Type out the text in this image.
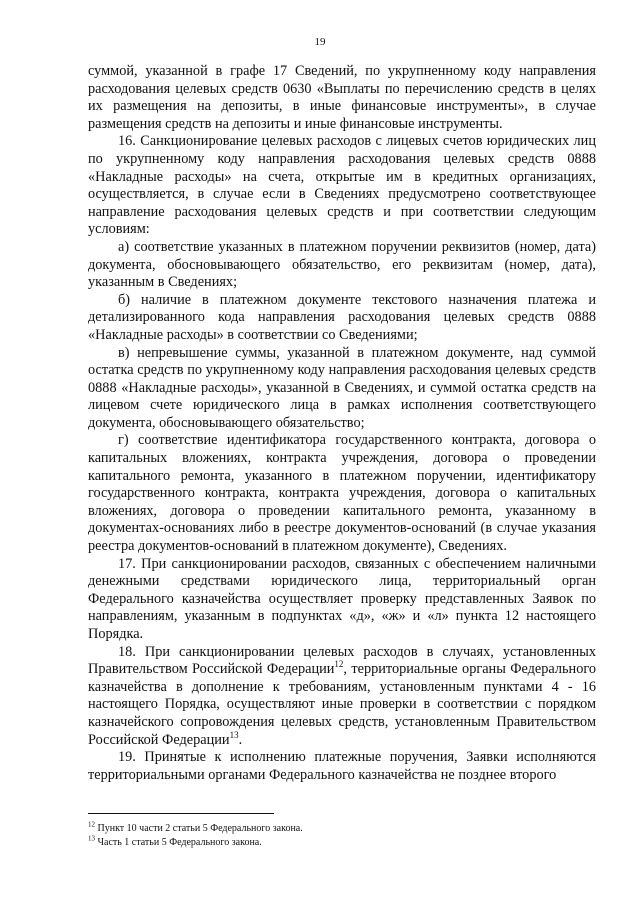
19

суммой, указанной в графе 17 Сведений, по укрупненному коду направления расходования целевых средств 0630 «Выплаты по перечислению средств в целях их размещения на депозиты, в иные финансовые инструменты», в случае размещения средств на депозиты и иные финансовые инструменты.

16. Санкционирование целевых расходов с лицевых счетов юридических лиц по укрупненному коду направления расходования целевых средств 0888 «Накладные расходы» на счета, открытые им в кредитных организациях, осуществляется, в случае если в Сведениях предусмотрено соответствующее направление расходования целевых средств и при соответствии следующим условиям:

а) соответствие указанных в платежном поручении реквизитов (номер, дата) документа, обосновывающего обязательство, его реквизитам (номер, дата), указанным в Сведениях;

б) наличие в платежном документе текстового назначения платежа и детализированного кода направления расходования целевых средств 0888 «Накладные расходы» в соответствии со Сведениями;

в) непревышение суммы, указанной в платежном документе, над суммой остатка средств по укрупненному коду направления расходования целевых средств 0888 «Накладные расходы», указанной в Сведениях, и суммой остатка средств на лицевом счете юридического лица в рамках исполнения соответствующего документа, обосновывающего обязательство;

г) соответствие идентификатора государственного контракта, договора о капитальных вложениях, контракта учреждения, договора о проведении капитального ремонта, указанного в платежном поручении, идентификатору государственного контракта, контракта учреждения, договора о капитальных вложениях, договора о проведении капитального ремонта, указанному в документах-основаниях либо в реестре документов-оснований (в случае указания реестра документов-оснований в платежном документе), Сведениях.

17. При санкционировании расходов, связанных с обеспечением наличными денежными средствами юридического лица, территориальный орган Федерального казначейства осуществляет проверку представленных Заявок по направлениям, указанным в подпунктах «д», «ж» и «л» пункта 12 настоящего Порядка.

18. При санкционировании целевых расходов в случаях, установленных Правительством Российской Федерации$^{12}$, территориальные органы Федерального казначейства в дополнение к требованиям, установленным пунктами 4 - 16 настоящего Порядка, осуществляют иные проверки в соответствии с порядком казначейского сопровождения целевых средств, установленным Правительством Российской Федерации$^{13}$.

19. Принятые к исполнению платежные поручения, Заявки исполняются территориальными органами Федерального казначейства не позднее второго

$^{12}$ Пункт 10 части 2 статьи 5 Федерального закона.
$^{13}$ Часть 1 статьи 5 Федерального закона.
